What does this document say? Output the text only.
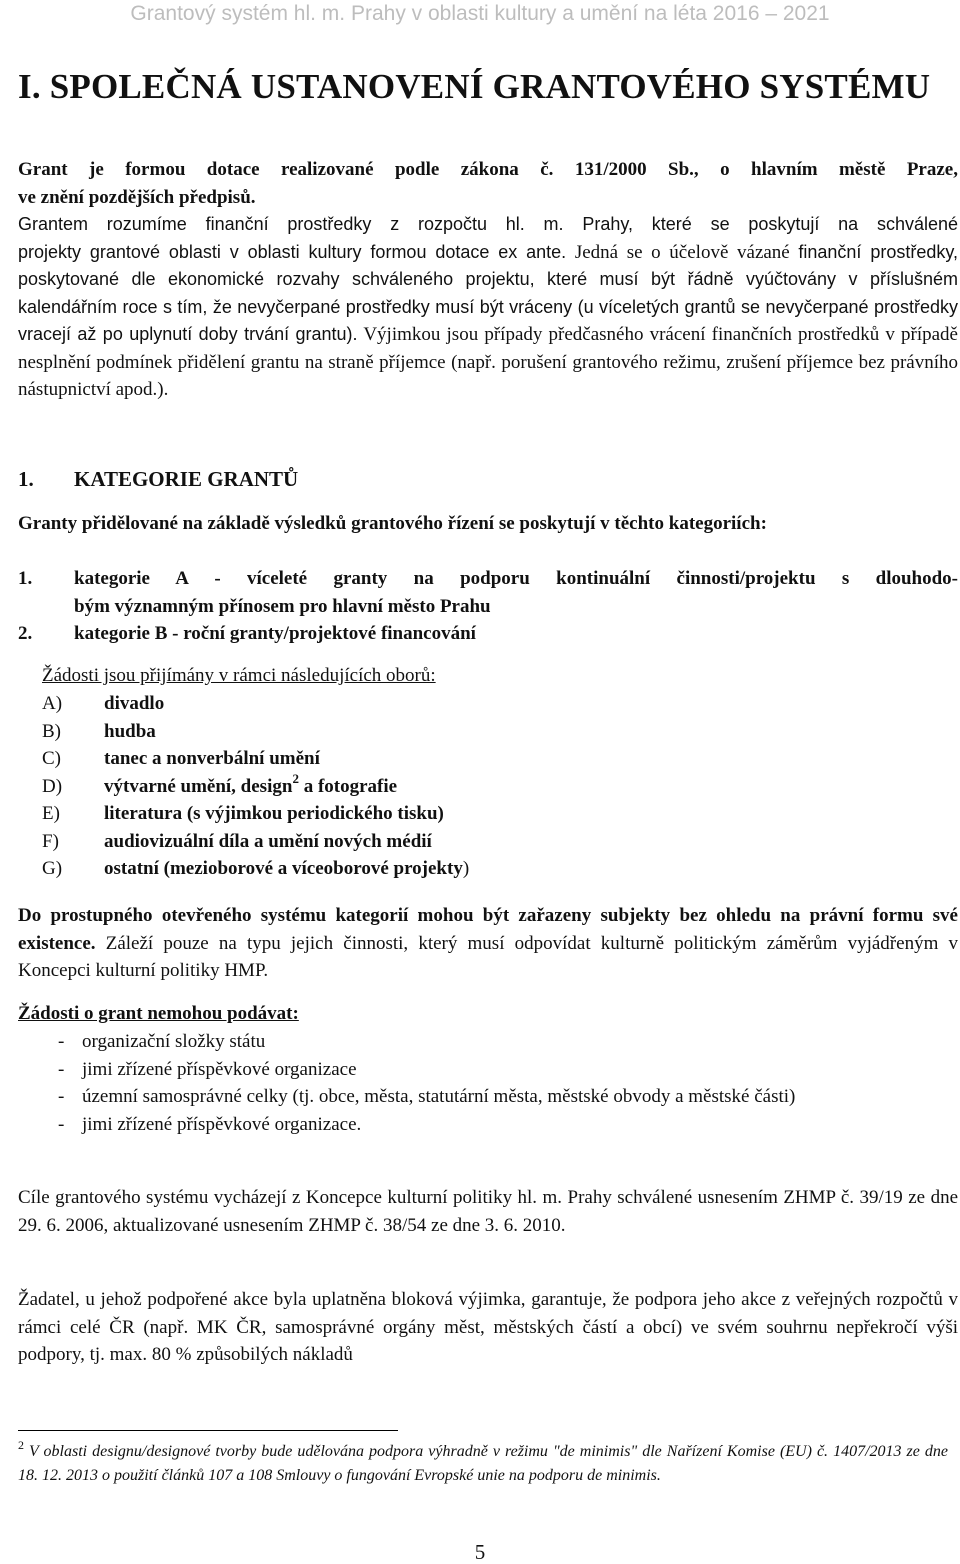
Grantový systém hl. m. Prahy v oblasti kultury a umění na léta 2016 – 2021
I. SPOLEČNÁ USTANOVENÍ GRANTOVÉHO SYSTÉMU
Grant je formou dotace realizované podle zákona č. 131/2000 Sb., o hlavním městě Praze,
ve znění pozdějších předpisů.
Grantem rozumíme finanční prostředky z rozpočtu hl. m. Prahy, které se poskytují na schválené
projekty grantové oblasti v oblasti kultury formou dotace ex ante. Jedná se o účelově vázané finanční prostředky, poskytované dle ekonomické rozvahy schváleného projektu, které musí být řádně vyúčtovány v příslušném kalendářním roce s tím, že nevyčerpané prostředky musí být vráceny (u víceletých grantů se nevyčerpané prostředky vracejí až po uplynutí doby trvání grantu). Výjimkou jsou případy předčasného vrácení finančních prostředků v případě nesplnění podmínek přidělení grantu na straně příjemce (např. porušení grantového režimu, zrušení příjemce bez právního nástupnictví apod.).
1. KATEGORIE GRANTŮ
Granty přidělované na základě výsledků grantového řízení se poskytují v těchto kategoriích:
1.	kategorie A - víceleté granty na podporu kontinuální činnosti/projektu s dlouhodo-
bým významným přínosem pro hlavní město Prahu
2.	kategorie B - roční granty/projektové financování
Žádosti jsou přijímány v rámci následujících oborů:
A)	divadlo
B)	hudba
C)	tanec a nonverbální umění
D)	výtvarné umění, design$^2$ a fotografie
E)	literatura (s výjimkou periodického tisku)
F)	audiovizuální díla a umění nových médií
G)	ostatní (mezioborové a víceoborové projekty)
Do prostupného otevřeného systému kategorií mohou být zařazeny subjekty bez ohledu na právní formu své existence. Záleží pouze na typu jejich činnosti, který musí odpovídat kulturně politickým záměrům vyjádřeným v Koncepci kulturní politiky HMP.
Žádosti o grant nemohou podávat:
- organizační složky státu
- jimi zřízené příspěvkové organizace
- územní samosprávné celky (tj. obce, města, statutární města, městské obvody a městské části)
- jimi zřízené příspěvkové organizace.
Cíle grantového systému vycházejí z Koncepce kulturní politiky hl. m. Prahy schválené usnesením ZHMP č. 39/19 ze dne 29. 6. 2006, aktualizované usnesením ZHMP č. 38/54 ze dne 3. 6. 2010.
Žadatel, u jehož podpořené akce byla uplatněna bloková výjimka, garantuje, že podpora jeho akce z veřejných rozpočtů v rámci celé ČR (např. MK ČR, samosprávné orgány měst, městských částí a obcí) ve svém souhrnu nepřekročí výši podpory, tj. max. 80 % způsobilých nákladů
$^2$ V oblasti designu/designové tvorby bude udělována podpora výhradně v režimu "de minimis" dle Nařízení Komise (EU) č. 1407/2013 ze dne 18. 12. 2013 o použití článků 107 a 108 Smlouvy o fungování Evropské unie na podporu de minimis.
5
